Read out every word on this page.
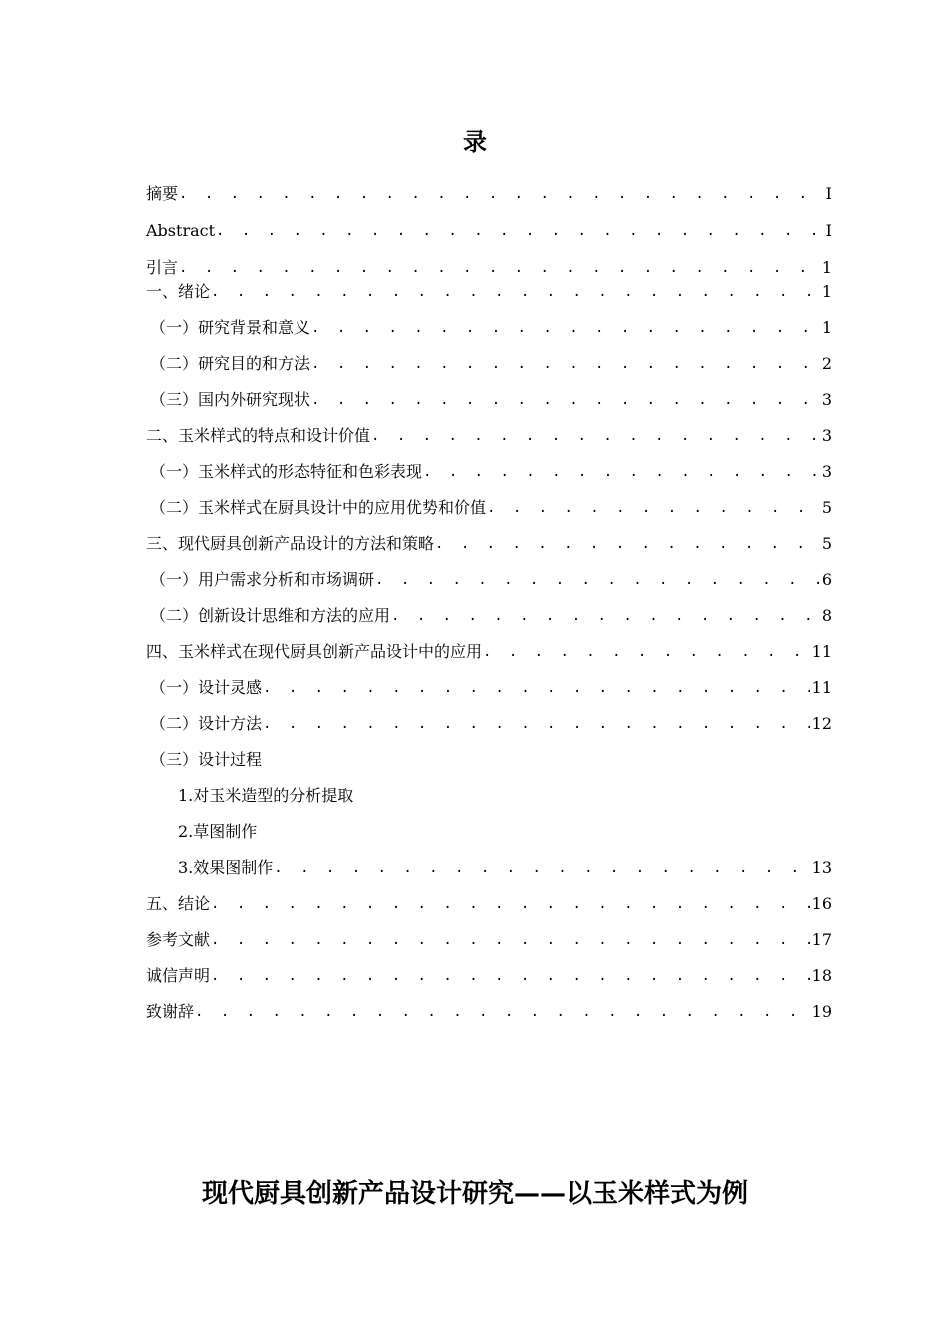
录
摘要 . . .	I
Abstract . . .	I
引言 . . .	1
一、绪论 . . .	1
（一）研究背景和意义 . . .	1
（二）研究目的和方法 . . .	2
（三）国内外研究现状 . . .	3
二、玉米样式的特点和设计价值 . . .	3
（一）玉米样式的形态特征和色彩表现 . . .	3
（二）玉米样式在厨具设计中的应用优势和价值 . . .	5
三、现代厨具创新产品设计的方法和策略 . . .	5
（一）用户需求分析和市场调研 . . .	6
（二）创新设计思维和方法的应用 . . .	8
四、玉米样式在现代厨具创新产品设计中的应用 . . .	11
（一）设计灵感 . . .	11
（二）设计方法 . . .	12
（三）设计过程
1.对玉米造型的分析提取
2.草图制作
3.效果图制作 . . .	13
五、结论 . . .	16
参考文献 . . .	17
诚信声明 . . .	18
致谢辞 . . .	19
现代厨具创新产品设计研究——以玉米样式为例
